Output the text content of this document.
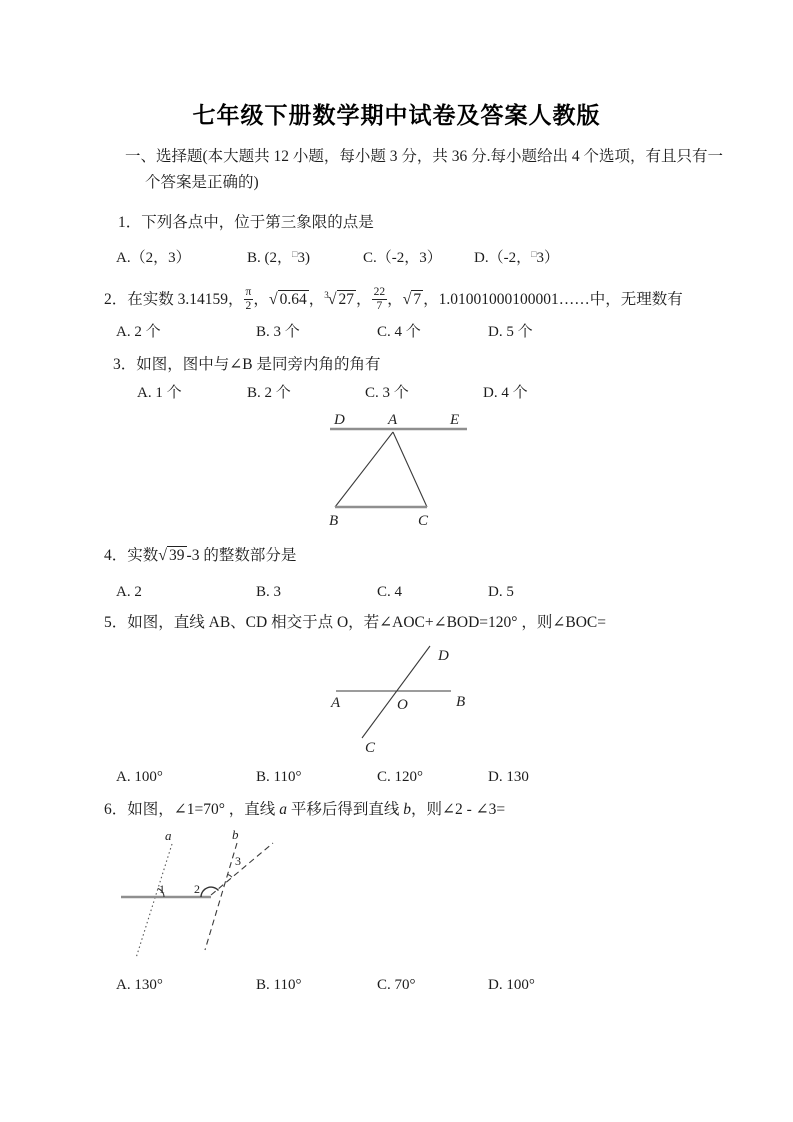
七年级下册数学期中试卷及答案人教版
一、选择题(本大题共 12 小题，每小题 3 分，共 36 分.每小题给出 4 个选项，有且只有一
个答案是正确的)
1．下列各点中，位于第三象限的点是
A.（2，3）	B. (2，□3)	C.（-2，3） D.（-2，□3）
2．在实数 3.14159， $\frac{\pi}{2}$ ，√ 0.64 ，$^3$√ 27 ， $\frac{22}{7}$ ，√ 7 ，1.01001000100001……中，无理数有
A. 2 个	B. 3 个	C. 4 个	D. 5 个
3．如图，图中与∠B 是同旁内角的角有
A. 1 个	B. 2 个	C. 3 个	D. 4 个
D	A	E
B	C
4．实数√ 39 -3 的整数部分是
A. 2	B. 3	C. 4	D. 5
5．如图，直线 AB、CD 相交于点 O，若∠AOC+∠BOD=120° ，则∠BOC=
D
A	O	B
C
A. 100°	B. 110°	C. 120°	D. 130
6．如图，∠1=70° ，直线 a 平移后得到直线 b，则∠2 - ∠3=
a	b
1 2
3
A. 130°	B. 110°	C. 70°	D. 100°
